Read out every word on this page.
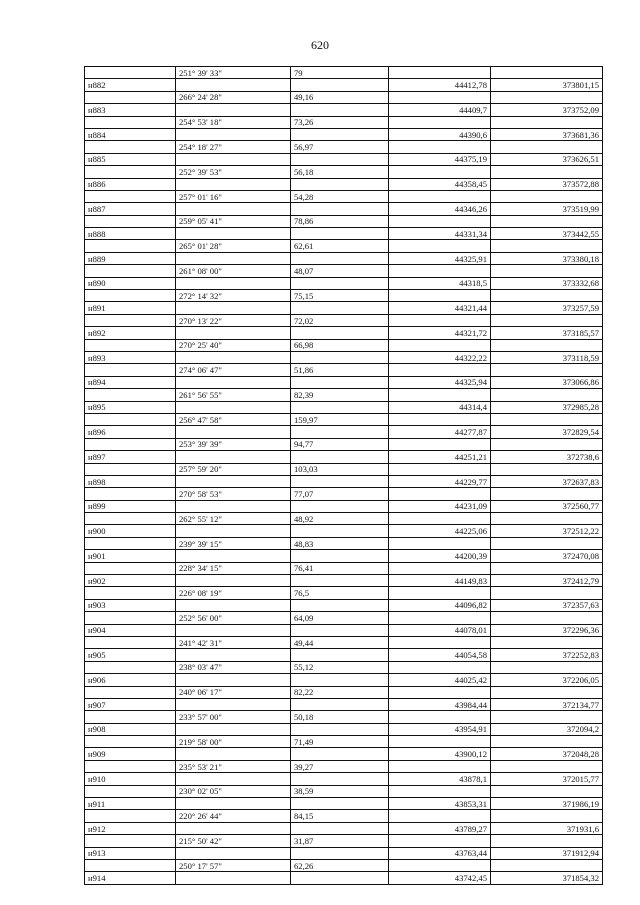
620
	251° 39' 33"	79		
н882			44412,78	373801,15
	266° 24' 28"	49,16		
н883			44409,7	373752,09
	254° 53' 18"	73,26		
н884			44390,6	373681,36
	254° 18' 27"	56,97		
н885			44375,19	373626,51
	252° 39' 53"	56,18		
н886			44358,45	373572,88
	257° 01' 16"	54,28		
н887			44346,26	373519,99
	259° 05' 41"	78,86		
н888			44331,34	373442,55
	265° 01' 28"	62,61		
н889			44325,91	373380,18
	261° 08' 00"	48,07		
н890			44318,5	373332,68
	272° 14' 32"	75,15		
н891			44321,44	373257,59
	270° 13' 22"	72,02		
н892			44321,72	373185,57
	270° 25' 40"	66,98		
н893			44322,22	373118,59
	274° 06' 47"	51,86		
н894			44325,94	373066,86
	261° 56' 55"	82,39		
н895			44314,4	372985,28
	256° 47' 58"	159,97		
н896			44277,87	372829,54
	253° 39' 39"	94,77		
н897			44251,21	372738,6
	257° 59' 20"	103,03		
н898			44229,77	372637,83
	270° 58' 53"	77,07		
н899			44231,09	372560,77
	262° 55' 12"	48,92		
н900			44225,06	372512,22
	239° 39' 15"	48,83		
н901			44200,39	372470,08
	228° 34' 15"	76,41		
н902			44149,83	372412,79
	226° 08' 19"	76,5		
н903			44096,82	372357,63
	252° 56' 00"	64,09		
н904			44078,01	372296,36
	241° 42' 31"	49,44		
н905			44054,58	372252,83
	238° 03' 47"	55,12		
н906			44025,42	372206,05
	240° 06' 17"	82,22		
н907			43984,44	372134,77
	233° 57' 00"	50,18		
н908			43954,91	372094,2
	219° 58' 00"	71,49		
н909			43900,12	372048,28
	235° 53' 21"	39,27		
н910			43878,1	372015,77
	230° 02' 05"	38,59		
н911			43853,31	371986,19
	220° 26' 44"	84,15		
н912			43789,27	371931,6
	215° 50' 42"	31,87		
н913			43763,44	371912,94
	250° 17' 57"	62,26		
н914			43742,45	371854,32
